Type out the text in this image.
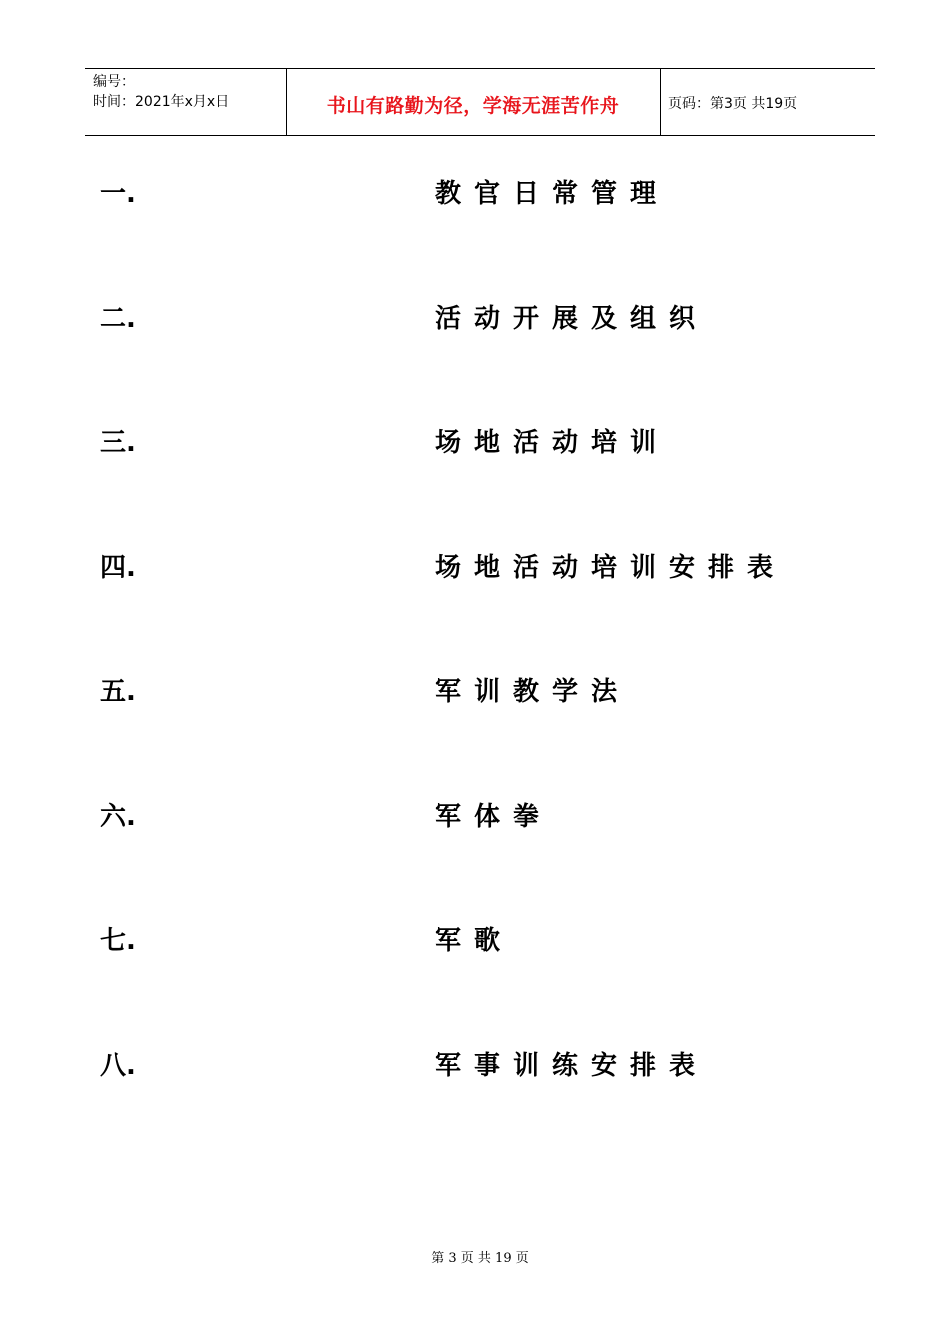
编号：
时间：2021年x月x日	书山有路勤为径，学海无涯苦作舟	页码：第3页 共19页
一.	教官日常管理
二.	活动开展及组织
三.	场地活动培训
四.	场地活动培训安排表
五.	军训教学法
六.	军体拳
七.	军歌
八.	军事训练安排表
第 3 页 共 19 页
